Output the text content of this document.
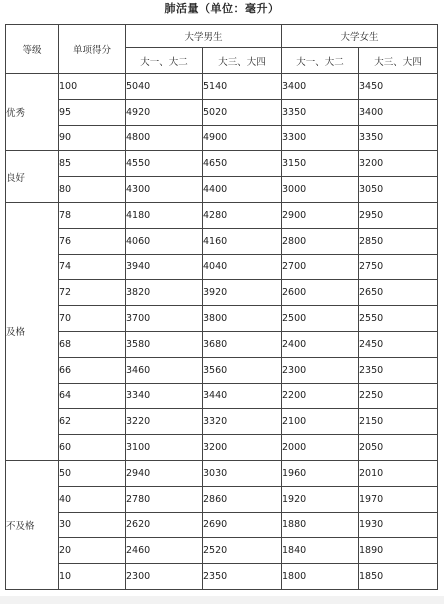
肺活量（单位：毫升）
等级	单项得分	大学男生		大学女生	
		大一、大二	大三、大四	大一、大二	大三、大四
优秀	100	5040	5140	3400	3450
	95	4920	5020	3350	3400
	90	4800	4900	3300	3350
良好	85	4550	4650	3150	3200
	80	4300	4400	3000	3050
及格	78	4180	4280	2900	2950
	76	4060	4160	2800	2850
	74	3940	4040	2700	2750
	72	3820	3920	2600	2650
	70	3700	3800	2500	2550
	68	3580	3680	2400	2450
	66	3460	3560	2300	2350
	64	3340	3440	2200	2250
	62	3220	3320	2100	2150
	60	3100	3200	2000	2050
不及格	50	2940	3030	1960	2010
	40	2780	2860	1920	1970
	30	2620	2690	1880	1930
	20	2460	2520	1840	1890
	10	2300	2350	1800	1850
